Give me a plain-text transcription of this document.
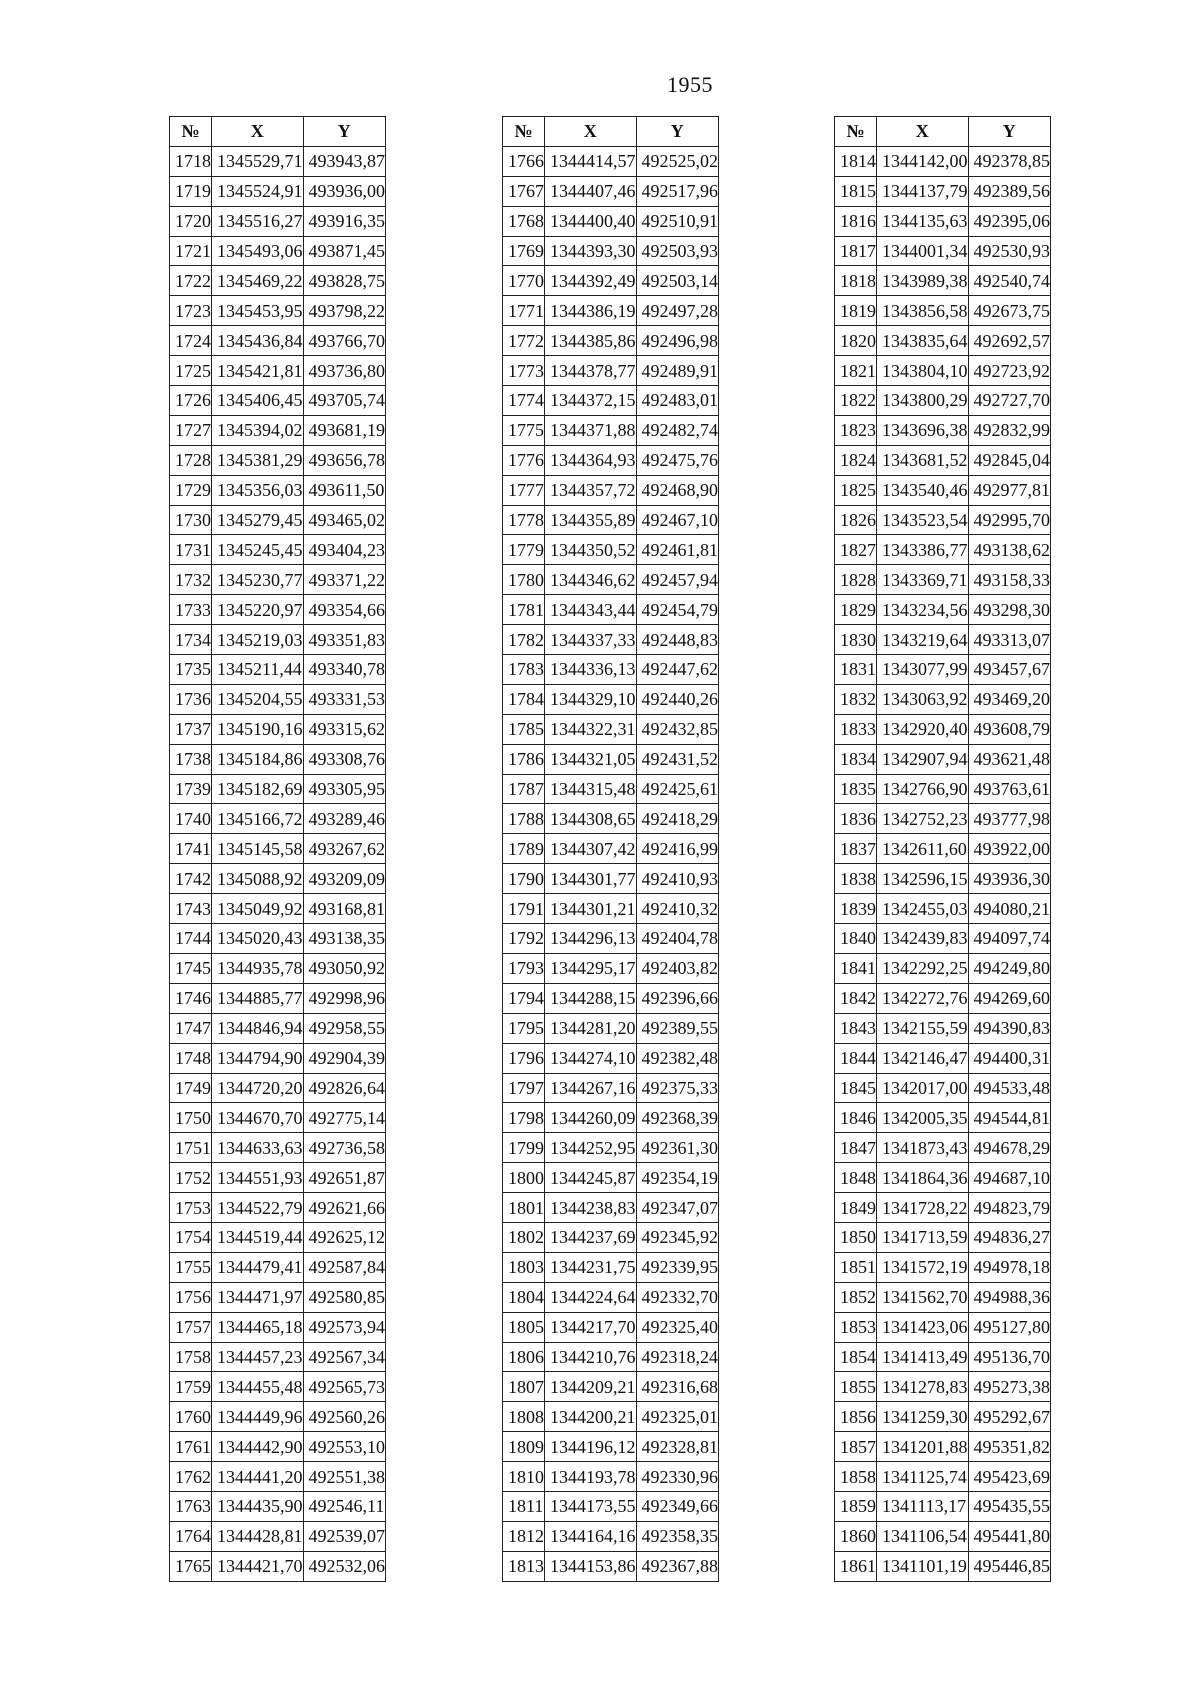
1955
№	X	Y
1718	1345529,71	493943,87
1719	1345524,91	493936,00
1720	1345516,27	493916,35
1721	1345493,06	493871,45
1722	1345469,22	493828,75
1723	1345453,95	493798,22
1724	1345436,84	493766,70
1725	1345421,81	493736,80
1726	1345406,45	493705,74
1727	1345394,02	493681,19
1728	1345381,29	493656,78
1729	1345356,03	493611,50
1730	1345279,45	493465,02
1731	1345245,45	493404,23
1732	1345230,77	493371,22
1733	1345220,97	493354,66
1734	1345219,03	493351,83
1735	1345211,44	493340,78
1736	1345204,55	493331,53
1737	1345190,16	493315,62
1738	1345184,86	493308,76
1739	1345182,69	493305,95
1740	1345166,72	493289,46
1741	1345145,58	493267,62
1742	1345088,92	493209,09
1743	1345049,92	493168,81
1744	1345020,43	493138,35
1745	1344935,78	493050,92
1746	1344885,77	492998,96
1747	1344846,94	492958,55
1748	1344794,90	492904,39
1749	1344720,20	492826,64
1750	1344670,70	492775,14
1751	1344633,63	492736,58
1752	1344551,93	492651,87
1753	1344522,79	492621,66
1754	1344519,44	492625,12
1755	1344479,41	492587,84
1756	1344471,97	492580,85
1757	1344465,18	492573,94
1758	1344457,23	492567,34
1759	1344455,48	492565,73
1760	1344449,96	492560,26
1761	1344442,90	492553,10
1762	1344441,20	492551,38
1763	1344435,90	492546,11
1764	1344428,81	492539,07
1765	1344421,70	492532,06
№	X	Y
1766	1344414,57	492525,02
1767	1344407,46	492517,96
1768	1344400,40	492510,91
1769	1344393,30	492503,93
1770	1344392,49	492503,14
1771	1344386,19	492497,28
1772	1344385,86	492496,98
1773	1344378,77	492489,91
1774	1344372,15	492483,01
1775	1344371,88	492482,74
1776	1344364,93	492475,76
1777	1344357,72	492468,90
1778	1344355,89	492467,10
1779	1344350,52	492461,81
1780	1344346,62	492457,94
1781	1344343,44	492454,79
1782	1344337,33	492448,83
1783	1344336,13	492447,62
1784	1344329,10	492440,26
1785	1344322,31	492432,85
1786	1344321,05	492431,52
1787	1344315,48	492425,61
1788	1344308,65	492418,29
1789	1344307,42	492416,99
1790	1344301,77	492410,93
1791	1344301,21	492410,32
1792	1344296,13	492404,78
1793	1344295,17	492403,82
1794	1344288,15	492396,66
1795	1344281,20	492389,55
1796	1344274,10	492382,48
1797	1344267,16	492375,33
1798	1344260,09	492368,39
1799	1344252,95	492361,30
1800	1344245,87	492354,19
1801	1344238,83	492347,07
1802	1344237,69	492345,92
1803	1344231,75	492339,95
1804	1344224,64	492332,70
1805	1344217,70	492325,40
1806	1344210,76	492318,24
1807	1344209,21	492316,68
1808	1344200,21	492325,01
1809	1344196,12	492328,81
1810	1344193,78	492330,96
1811	1344173,55	492349,66
1812	1344164,16	492358,35
1813	1344153,86	492367,88
№	X	Y
1814	1344142,00	492378,85
1815	1344137,79	492389,56
1816	1344135,63	492395,06
1817	1344001,34	492530,93
1818	1343989,38	492540,74
1819	1343856,58	492673,75
1820	1343835,64	492692,57
1821	1343804,10	492723,92
1822	1343800,29	492727,70
1823	1343696,38	492832,99
1824	1343681,52	492845,04
1825	1343540,46	492977,81
1826	1343523,54	492995,70
1827	1343386,77	493138,62
1828	1343369,71	493158,33
1829	1343234,56	493298,30
1830	1343219,64	493313,07
1831	1343077,99	493457,67
1832	1343063,92	493469,20
1833	1342920,40	493608,79
1834	1342907,94	493621,48
1835	1342766,90	493763,61
1836	1342752,23	493777,98
1837	1342611,60	493922,00
1838	1342596,15	493936,30
1839	1342455,03	494080,21
1840	1342439,83	494097,74
1841	1342292,25	494249,80
1842	1342272,76	494269,60
1843	1342155,59	494390,83
1844	1342146,47	494400,31
1845	1342017,00	494533,48
1846	1342005,35	494544,81
1847	1341873,43	494678,29
1848	1341864,36	494687,10
1849	1341728,22	494823,79
1850	1341713,59	494836,27
1851	1341572,19	494978,18
1852	1341562,70	494988,36
1853	1341423,06	495127,80
1854	1341413,49	495136,70
1855	1341278,83	495273,38
1856	1341259,30	495292,67
1857	1341201,88	495351,82
1858	1341125,74	495423,69
1859	1341113,17	495435,55
1860	1341106,54	495441,80
1861	1341101,19	495446,85
